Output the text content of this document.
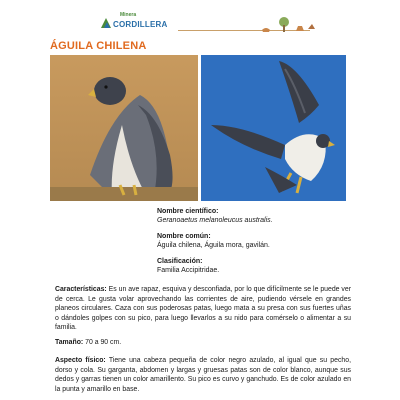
Minera
CORDILLERA
ÁGUILA CHILENA
Nombre científico:
Geranoaetus melanoleucus australis.
Nombre común:
Águila chilena, Águila mora, gavilán.
Clasificación:
Familia Accipitridae.

Características: Es un ave rapaz, esquiva y desconfiada, por lo que difícilmente se le puede ver de cerca. Le gusta volar aprovechando las corrientes de aire, pudiendo vérsele en grandes planeos circulares. Caza con sus poderosas patas, luego mata a su presa con sus fuertes uñas o dándoles golpes con su pico, para luego llevarlos a su nido para comérselo o alimentar a su familia.

Tamaño: 70 a 90 cm.

Aspecto físico: Tiene una cabeza pequeña de color negro azulado, al igual que su pecho, dorso y cola. Su garganta, abdomen y largas y gruesas patas son de color blanco, aunque sus dedos y garras tienen un color amarillento. Su pico es curvo y ganchudo. Es de color azulado en la punta y amarillo en base.
